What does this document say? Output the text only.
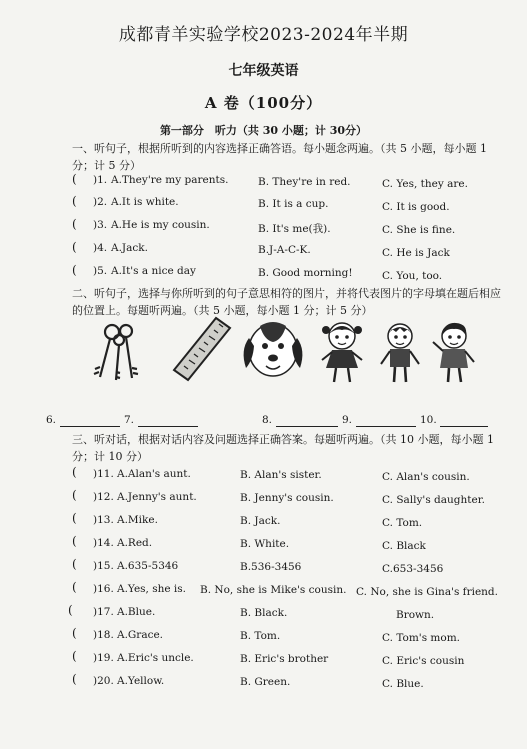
成都青羊实验学校2023-2024年半期
七年级英语
A 卷（100分）
第一部分　听力（共 30 小题；计 30分）
一、听句子，根据所听到的内容选择正确答语。每小题念两遍。（共 5 小题，每小题 1 分；计 5 分）
( )1. A.They're my parents.	B. They're in red.	C. Yes, they are.
( )2. A.It is white.	B. It is a cup.	C. It is good.
( )3. A.He is my cousin.	B. It's me(我).	C. She is fine.
( )4. A.Jack.	B.J-A-C-K.	C. He is Jack
( )5. A.It's a nice day	B. Good morning!	C. You, too.
二、听句子，选择与你所听到的句子意思相符的图片，并将代表图片的字母填在题后相应的位置上。每题听两遍。（共 5 小题，每小题 1 分；计 5 分）
6.	7.	8.	9.	10.
三、听对话，根据对话内容及问题选择正确答案。每题听两遍。（共 10 小题，每小题 1 分；计 10 分）
( )11. A.Alan's aunt.	B. Alan's sister.	C. Alan's cousin.
( )12. A.Jenny's aunt.	B. Jenny's cousin.	C. Sally's daughter.
( )13. A.Mike.	B. Jack.	C. Tom.
( )14. A.Red.	B. White.	C. Black
( )15. A.635-5346	B.536-3456	C.653-3456
( )16. A.Yes, she is. B. No, she is Mike's cousin. C. No, she is Gina's friend.
( )17. A.Blue.	B. Black.	Brown.
( )18. A.Grace.	B. Tom.	C. Tom's mom.
( )19. A.Eric's uncle.	B. Eric's brother	C. Eric's cousin
( )20. A.Yellow.	B. Green.	C. Blue.
